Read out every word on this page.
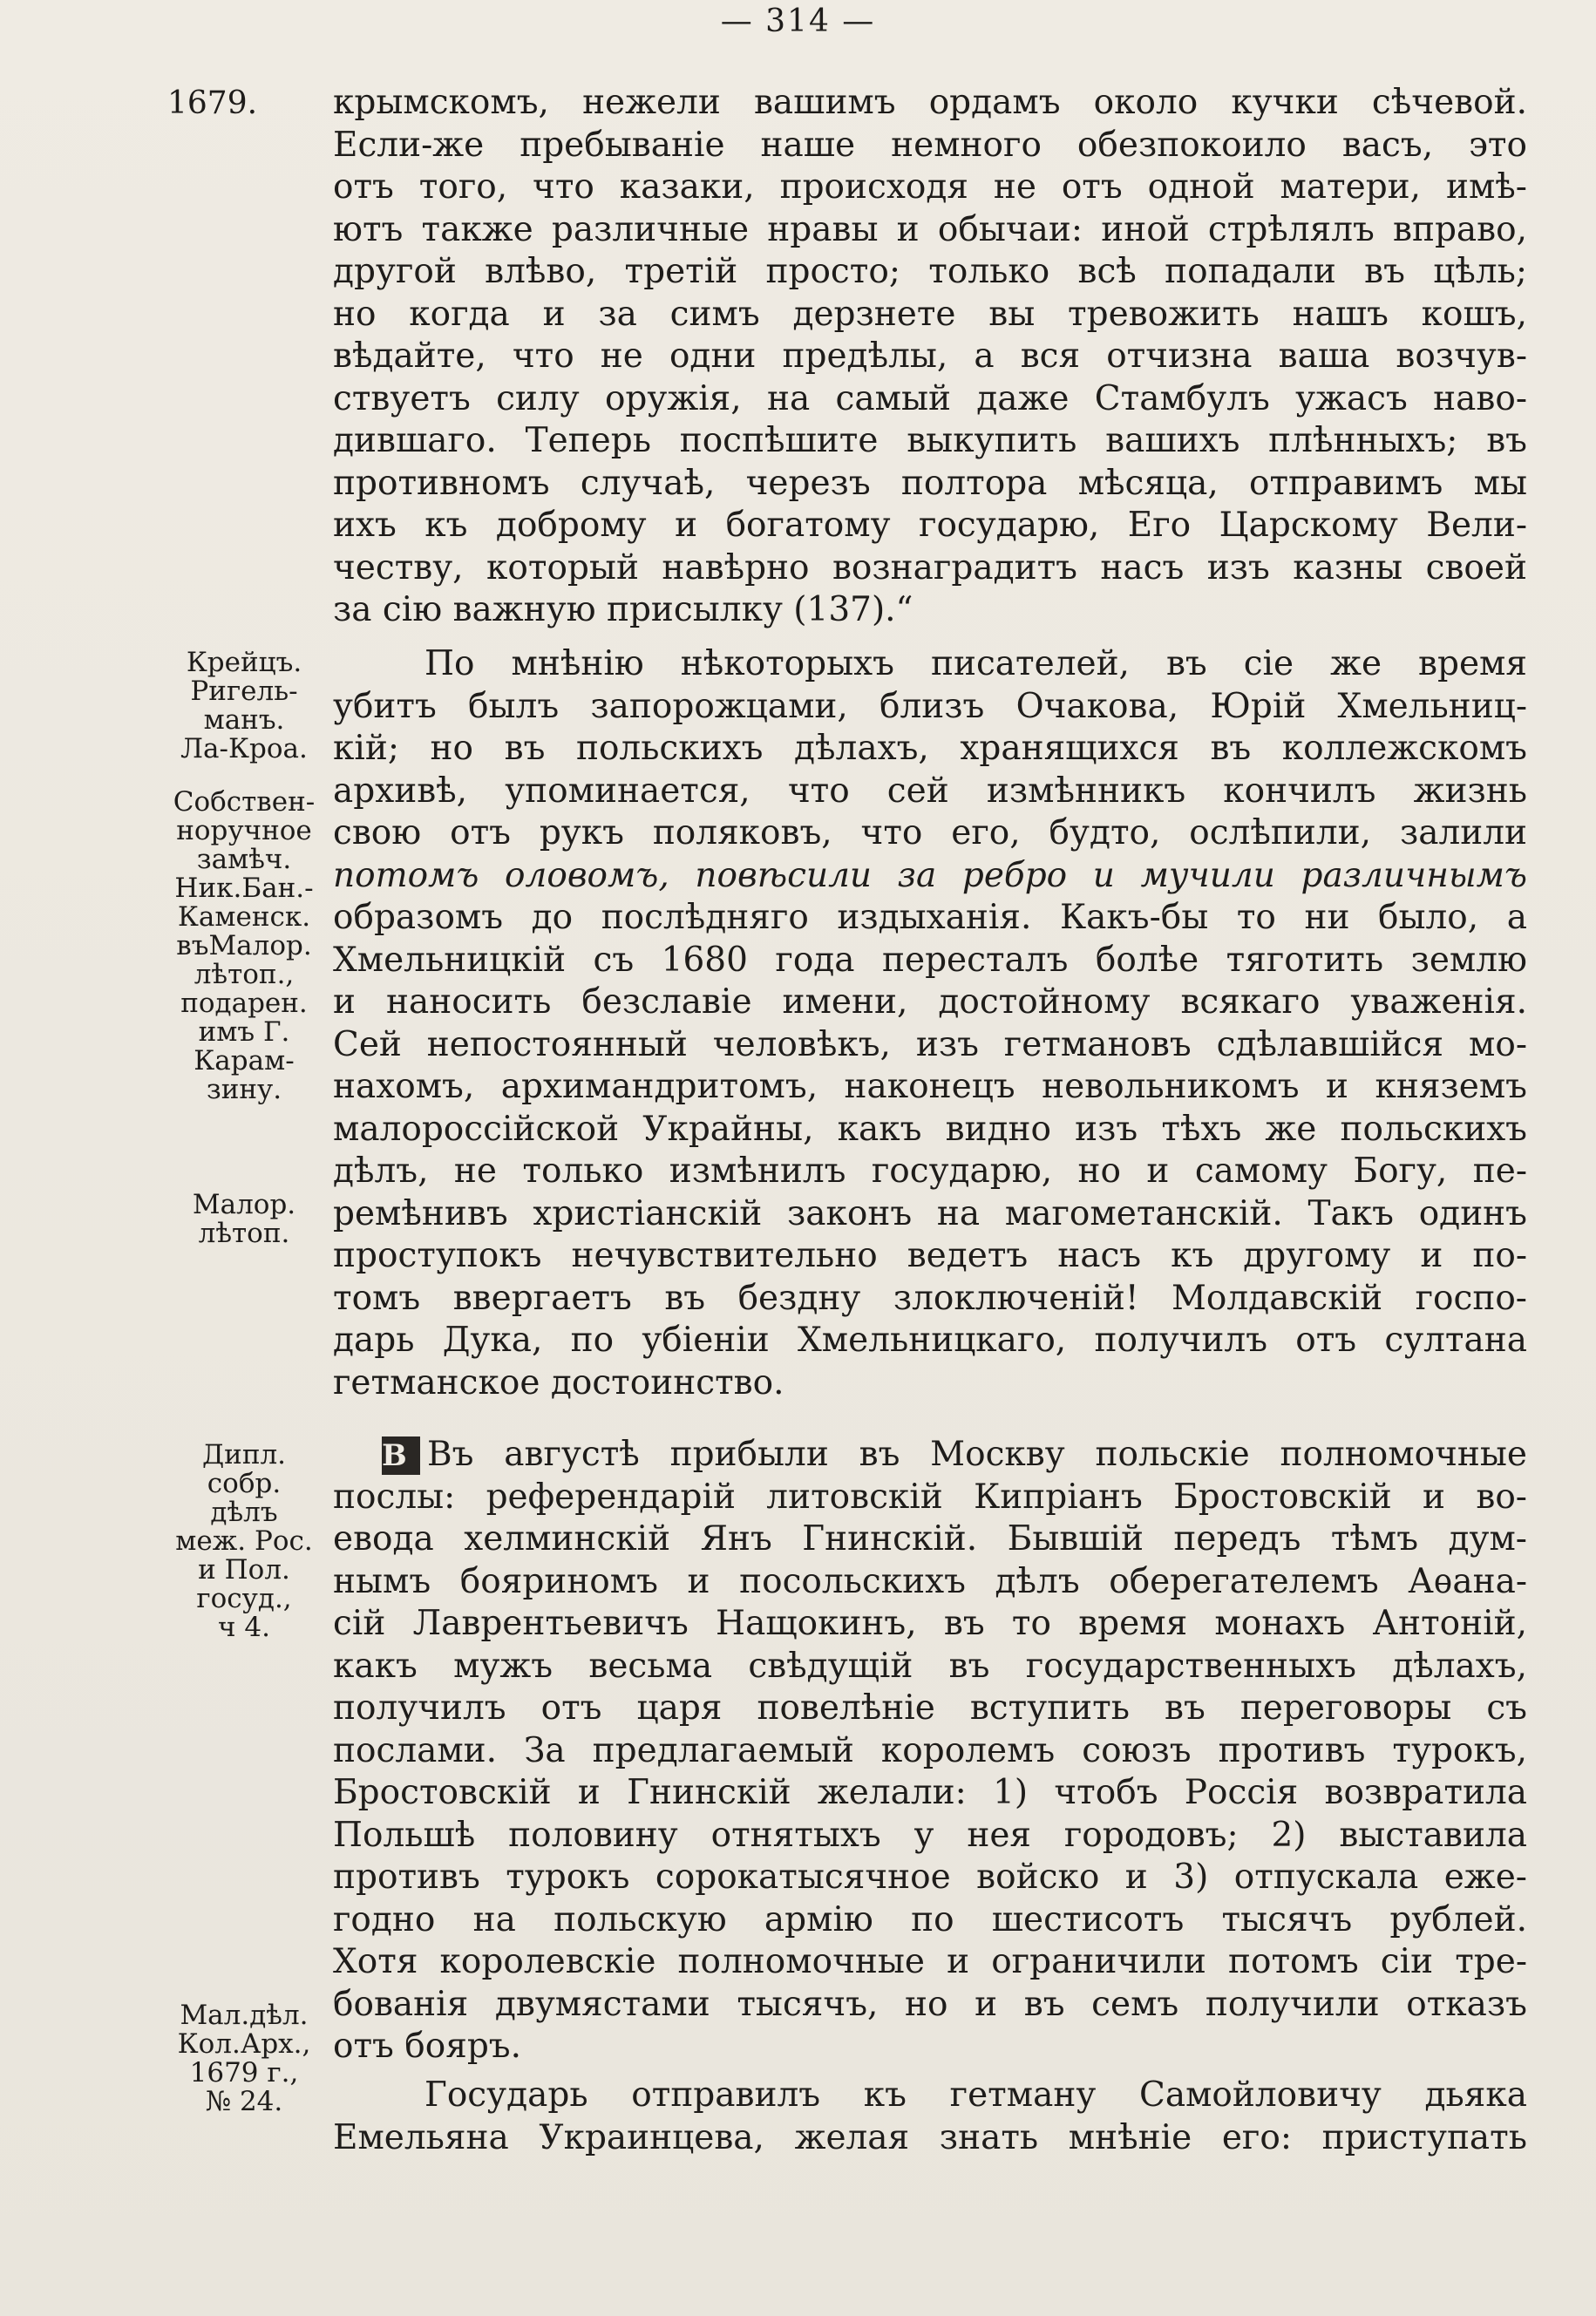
— 314 —
1679.	крымскомъ, нежели вашимъ ордамъ около кучки сѣчевой.
Если-же пребываніе наше немного обезпокоило васъ, это
отъ того, что казаки, происходя не отъ одной матери, имѣ-
ютъ также различные нравы и обычаи: иной стрѣлялъ вправо,
другой влѣво, третій просто; только всѣ попадали въ цѣль;
но когда и за симъ дерзнете вы тревожить нашъ кошъ,
вѣдайте, что не одни предѣлы, а вся отчизна ваша возчув-
ствуетъ силу оружія, на самый даже Стамбулъ ужасъ наво-
дившаго. Теперь поспѣшите выкупить вашихъ плѣнныхъ; въ
противномъ случаѣ, черезъ полтора мѣсяца, отправимъ мы
ихъ къ доброму и богатому государю, Его Царскому Вели-
честву, который навѣрно вознаградитъ насъ изъ казны своей
за сію важную присылку (137).“
Крейцъ.
Ригель-
манъ.
Ла-Кроа.
Собствен-
норучное
замѣч.
Ник.Бан.-
Каменск.
въМалор.
лѣтоп.,
подарен.
имъ Г.
Карам-
зину.
Малор.
лѣтоп.
По мнѣнію нѣкоторыхъ писателей, въ сіе же время
убитъ былъ запорожцами, близъ Очакова, Юрій Хмельниц-
кій; но въ польскихъ дѣлахъ, хранящихся въ коллежскомъ
архивѣ, упоминается, что сей измѣнникъ кончилъ жизнь
свою отъ рукъ поляковъ, что его, будто, ослѣпили, залили
потомъ оловомъ, повѣсили за ребро и мучили различнымъ
образомъ до послѣдняго издыханія. Какъ-бы то ни было, а
Хмельницкій съ 1680 года пересталъ болѣе тяготить землю
и наносить безславіе имени, достойному всякаго уваженія.
Сей непостоянный человѣкъ, изъ гетмановъ сдѣлавшійся мо-
нахомъ, архимандритомъ, наконецъ невольникомъ и княземъ
малороссійской Украйны, какъ видно изъ тѣхъ же польскихъ
дѣлъ, не только измѣнилъ государю, но и самому Богу, пе-
ремѣнивъ христіанскій законъ на магометанскій. Такъ одинъ
проступокъ нечувствительно ведетъ насъ къ другому и по-
томъ ввергаетъ въ бездну злоключеній! Молдавскій госпо-
дарь Дука, по убіеніи Хмельницкаго, получилъ отъ султана
гетманское достоинство.
Дипл.
собр.
дѣлъ
меж. Рос.
и Пол.
госуд.,
ч 4.
Мал.дѣл.
Кол.Арх.,
1679 г.,
№ 24.
В Въ августѣ прибыли въ Москву польскіе полномочные
послы: референдарій литовскій Кипріанъ Бростовскій и во-
евода хелминскій Янъ Гнинскій. Бывшій передъ тѣмъ дум-
нымъ бояриномъ и посольскихъ дѣлъ оберегателемъ Аѳана-
сій Лаврентьевичъ Нащокинъ, въ то время монахъ Антоній,
какъ мужъ весьма свѣдущій въ государственныхъ дѣлахъ,
получилъ отъ царя повелѣніе вступить въ переговоры съ
послами. За предлагаемый королемъ союзъ противъ турокъ,
Бростовскій и Гнинскій желали: 1) чтобъ Россія возвратила
Польшѣ половину отнятыхъ у нея городовъ; 2) выставила
противъ турокъ сорокатысячное войско и 3) отпускала еже-
годно на польскую армію по шестисотъ тысячъ рублей.
Хотя королевскіе полномочные и ограничили потомъ сіи тре-
бованія двумястами тысячъ, но и въ семъ получили отказъ
отъ бояръ.
Государь отправилъ къ гетману Самойловичу дьяка
Емельяна Украинцева, желая знать мнѣніе его: приступать
